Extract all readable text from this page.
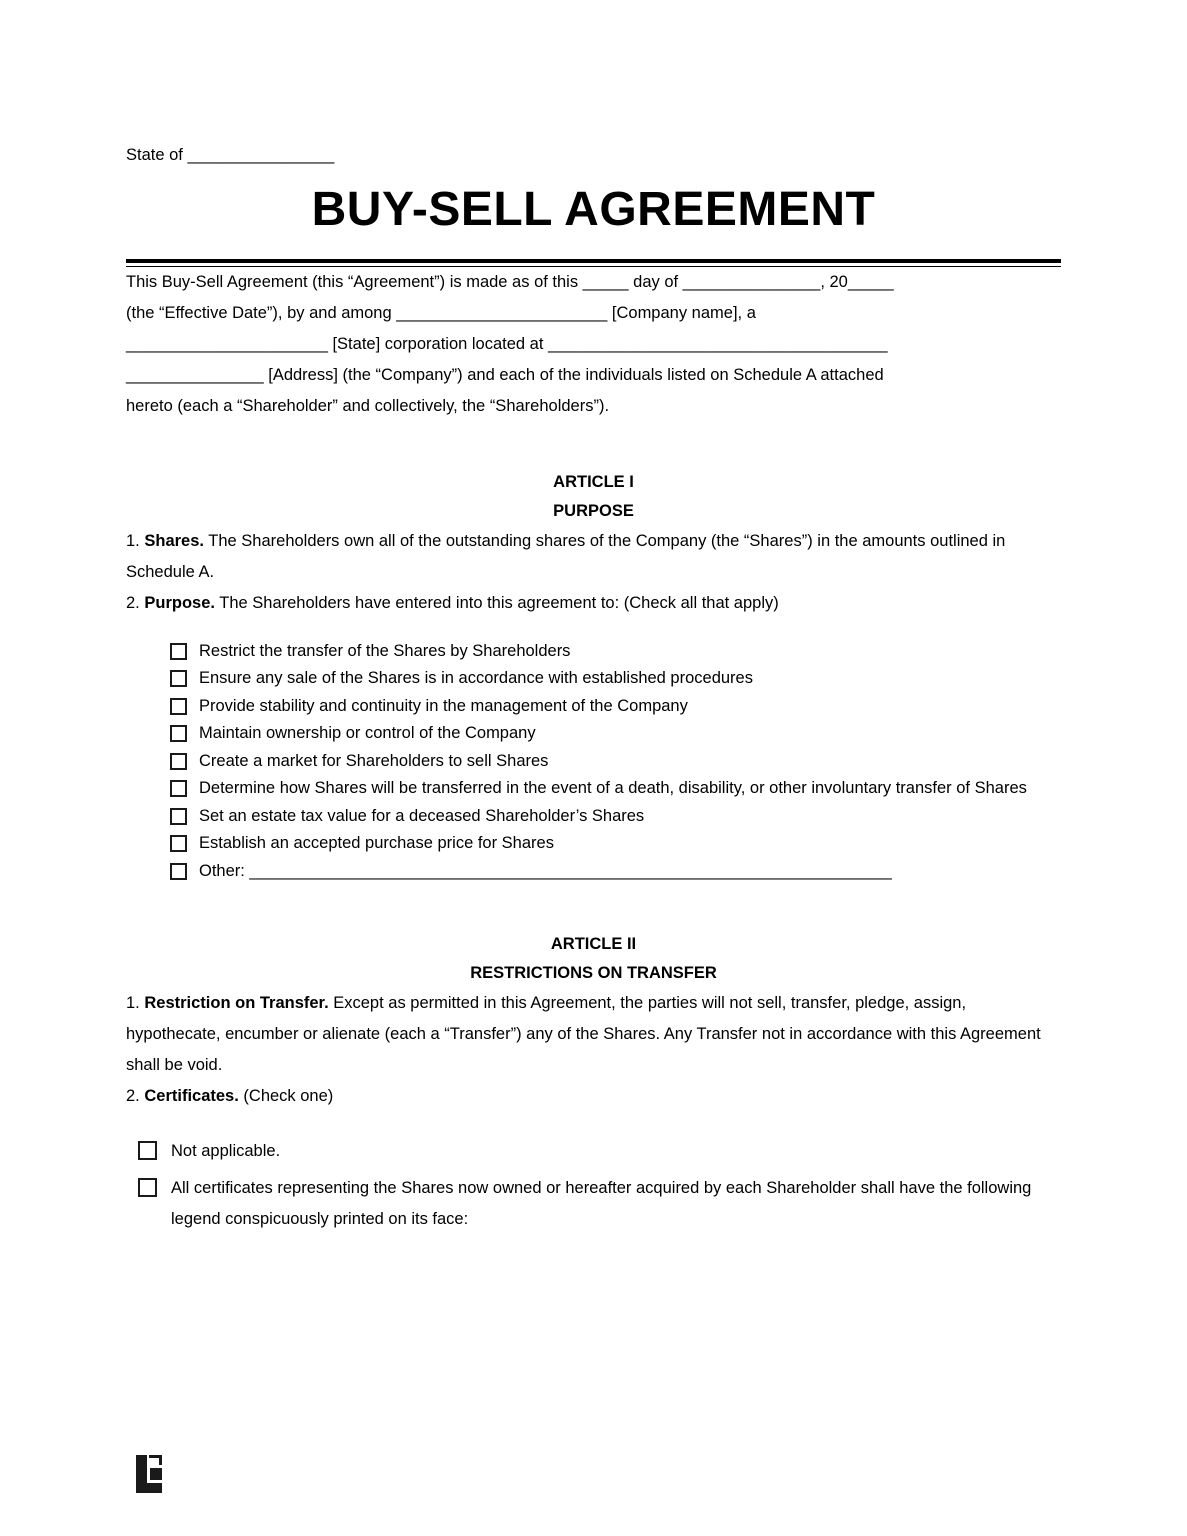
State of ________________
BUY-SELL AGREEMENT

This Buy-Sell Agreement (this “Agreement”) is made as of this _____ day of _______________, 20_____

(the “Effective Date”), by and among _______________________ [Company name], a

______________________ [State] corporation located at _____________________________________

_______________ [Address] (the “Company”) and each of the individuals listed on Schedule A attached

hereto (each a “Shareholder” and collectively, the “Shareholders”).

ARTICLE I

PURPOSE

1. Shares. The Shareholders own all of the outstanding shares of the Company (the “Shares”) in the amounts outlined in Schedule A.

2. Purpose. The Shareholders have entered into this agreement to: (Check all that apply)

Restrict the transfer of the Shares by Shareholders
Ensure any sale of the Shares is in accordance with established procedures
Provide stability and continuity in the management of the Company
Maintain ownership or control of the Company
Create a market for Shareholders to sell Shares
Determine how Shares will be transferred in the event of a death, disability, or other involuntary transfer of Shares
Set an estate tax value for a deceased Shareholder’s Shares
Establish an accepted purchase price for Shares
Other: ______________________________________________________________________

ARTICLE II

RESTRICTIONS ON TRANSFER

1. Restriction on Transfer. Except as permitted in this Agreement, the parties will not sell, transfer, pledge, assign, hypothecate, encumber or alienate (each a “Transfer”) any of the Shares. Any Transfer not in accordance with this Agreement shall be void.

2. Certificates. (Check one)

Not applicable.
All certificates representing the Shares now owned or hereafter acquired by each Shareholder shall have the following legend conspicuously printed on its face:
